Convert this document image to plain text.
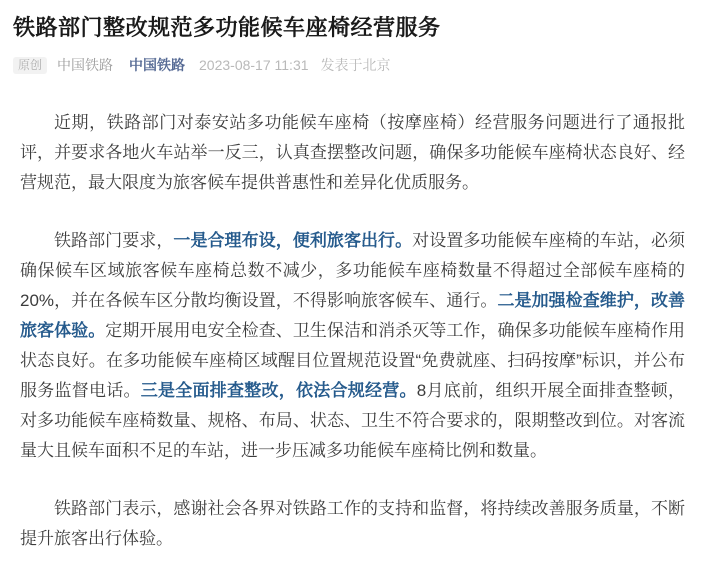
铁路部门整改规范多功能候车座椅经营服务
原创	中国铁路 中国铁路 2023-08-17 11:31 发表于北京

近期，铁路部门对泰安站多功能候车座椅（按摩座椅）经营服务问题进行了通报批评，并要求各地火车站举一反三，认真查摆整改问题，确保多功能候车座椅状态良好、经营规范，最大限度为旅客候车提供普惠性和差异化优质服务。

铁路部门要求，一是合理布设，便利旅客出行。对设置多功能候车座椅的车站，必须确保候车区域旅客候车座椅总数不减少，多功能候车座椅数量不得超过全部候车座椅的20%，并在各候车区分散均衡设置，不得影响旅客候车、通行。二是加强检查维护，改善旅客体验。定期开展用电安全检查、卫生保洁和消杀灭等工作，确保多功能候车座椅作用状态良好。在多功能候车座椅区域醒目位置规范设置“免费就座、扫码按摩”标识，并公布服务监督电话。三是全面排查整改，依法合规经营。8月底前，组织开展全面排查整顿，对多功能候车座椅数量、规格、布局、状态、卫生不符合要求的，限期整改到位。对客流量大且候车面积不足的车站，进一步压减多功能候车座椅比例和数量。

铁路部门表示，感谢社会各界对铁路工作的支持和监督，将持续改善服务质量，不断提升旅客出行体验。
